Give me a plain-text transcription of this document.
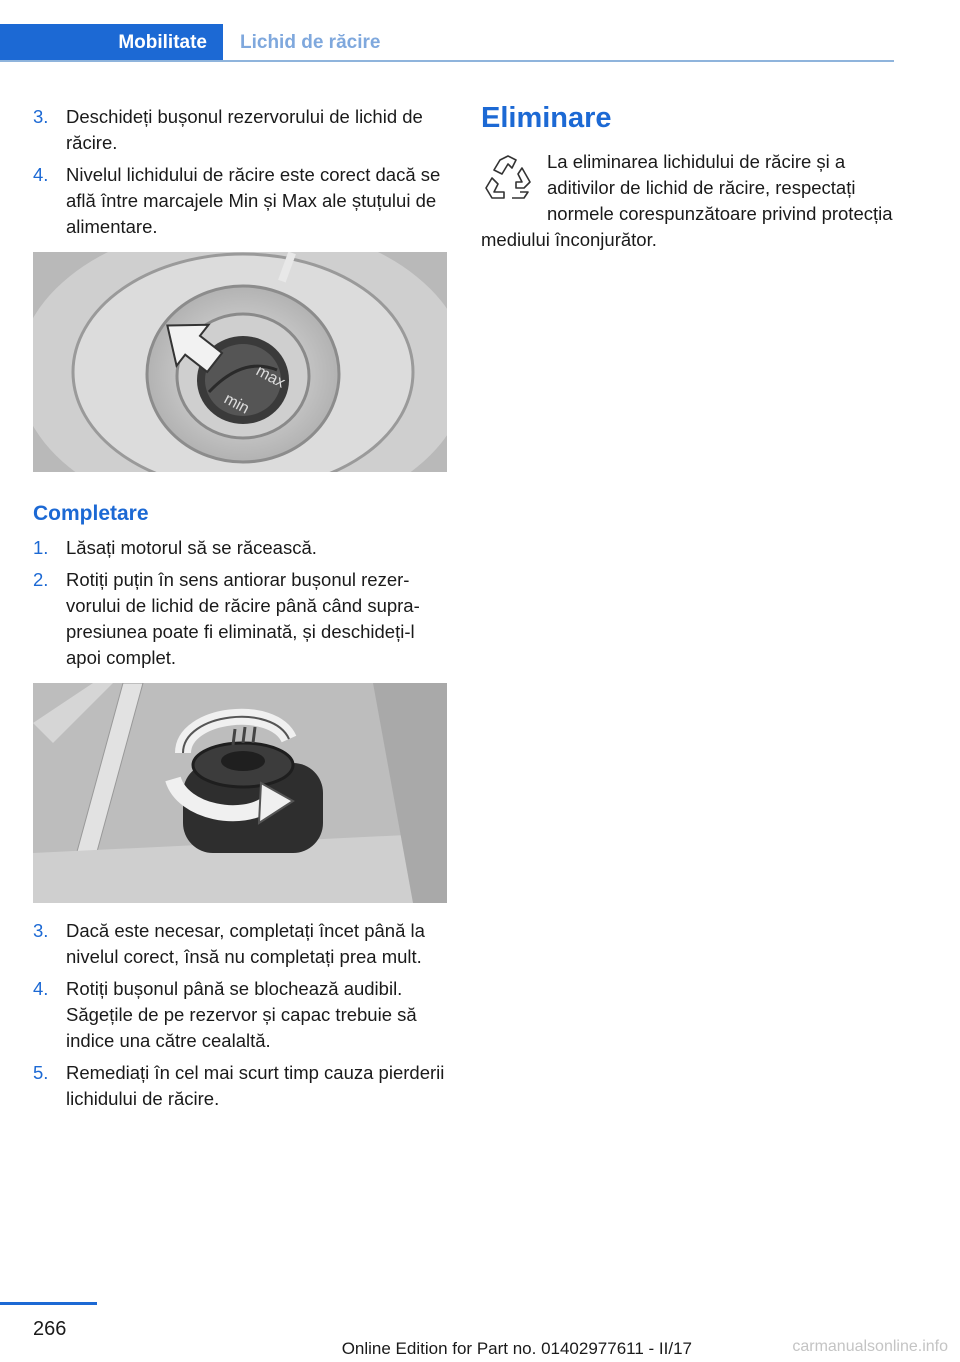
Mobilitate	Lichid de răcire
3. Deschideți bușonul rezervorului de lichid de răcire.
4. Nivelul lichidului de răcire este corect dacă se află între marcajele Min și Max ale ștuțului de alimentare.
max
min
Completare
1. Lăsați motorul să se răcească.
2. Rotiți puțin în sens antiorar bușonul rezervorului de lichid de răcire până când suprapresiunea poate fi eliminată, și deschideți-l apoi complet.
3. Dacă este necesar, completați încet până la nivelul corect, însă nu completați prea mult.
4. Rotiți bușonul până se blochează audibil. Săgețile de pe rezervor și capac trebuie să indice una către cealaltă.
5. Remediați în cel mai scurt timp cauza pierderii lichidului de răcire.
Eliminare
La eliminarea lichidului de răcire și a aditivilor de lichid de răcire, respectați normele corespunzătoare privind protecția mediului înconjurător.
266
Online Edition for Part no. 01402977611 - II/17	carmanualsonline.info
